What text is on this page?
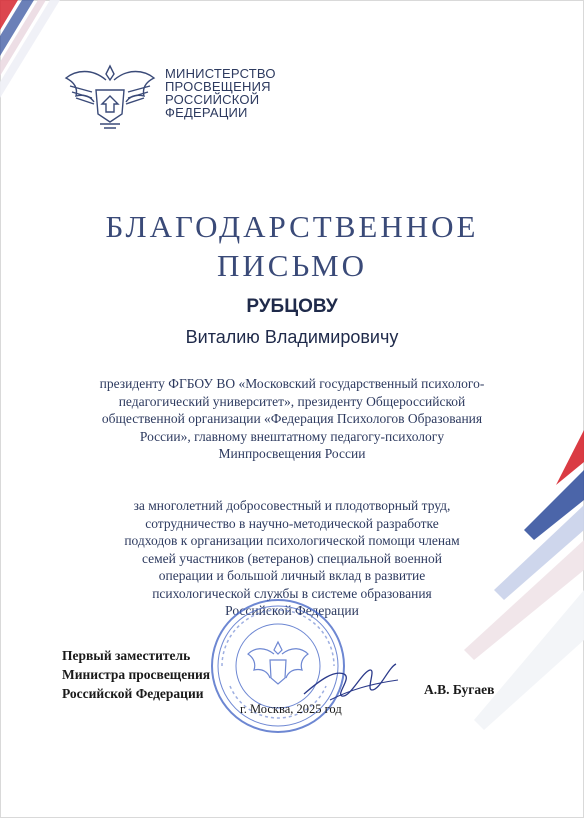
МИНИСТЕРСТВО
ПРОСВЕЩЕНИЯ
РОССИЙСКОЙ
ФЕДЕРАЦИИ
БЛАГОДАРСТВЕННОЕ
ПИСЬМО
РУБЦОВУ
Виталию Владимировичу
президенту ФГБОУ ВО «Московский государственный психолого-
педагогический университет», президенту Общероссийской
общественной организации «Федерация Психологов Образования
России», главному внештатному педагогу-психологу
Минпросвещения России
за многолетний добросовестный и плодотворный труд,
сотрудничество в научно-методической разработке
подходов к организации психологической помощи членам
семей участников (ветеранов) специальной военной
операции и большой личный вклад в развитие
психологической службы в системе образования
Российской Федерации
Первый заместитель
Министра просвещения
Российской Федерации	А.В. Бугаев
г. Москва, 2025 год
